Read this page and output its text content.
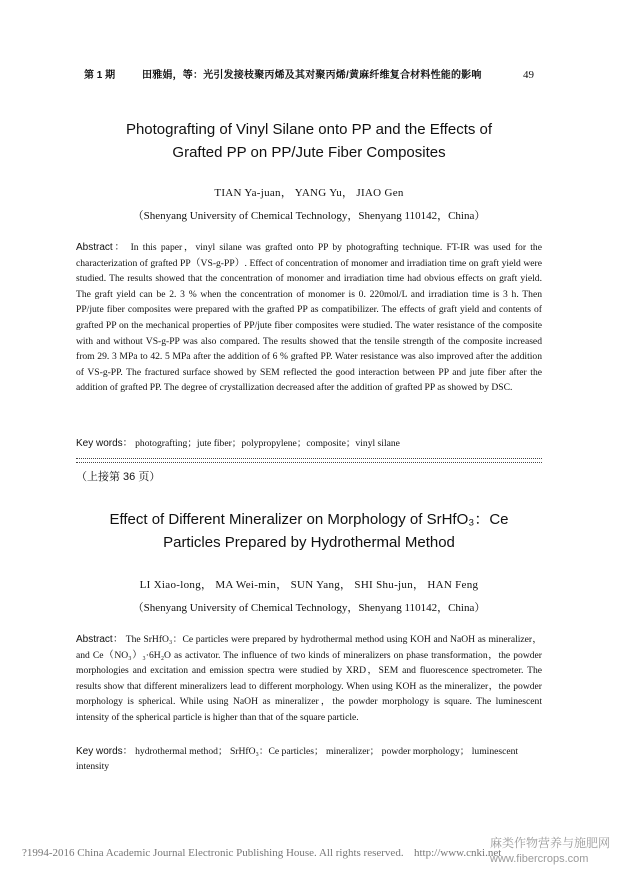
第 1 期	田雅娟，等：光引发接枝聚丙烯及其对聚丙烯/黄麻纤维复合材料性能的影响	49
Photografting of Vinyl Silane onto PP and the Effects of
Grafted PP on PP/Jute Fiber Composites
TIAN Ya-juan， YANG Yu， JIAO Gen
（Shenyang University of Chemical Technology，Shenyang 110142，China）
Abstract： In this paper，vinyl silane was grafted onto PP by photografting technique. FT-IR was used for the characterization of grafted PP（VS-g-PP）. Effect of concentration of monomer and irradiation time on graft yield were studied. The results showed that the concentration of monomer and irradiation time had obvious effects on graft yield. The graft yield can be 2. 3 % when the concentration of monomer is 0. 220mol/L and irradiation time is 3 h. Then PP/jute fiber composites were prepared with the grafted PP as compatibilizer. The effects of graft yield and contents of grafted PP on the mechanical properties of PP/jute fiber composites were studied. The water resistance of the composite with and without VS-g-PP was also compared. The results showed that the tensile strength of the composite increased from 29. 3 MPa to 42. 5 MPa after the addition of 6 % grafted PP. Water resistance was also improved after the addition of VS-g-PP. The fractured surface showed by SEM reflected the good interaction between PP and jute fiber after the addition of grafted PP. The degree of crystallization decreased after the addition of grafted PP as showed by DSC.
Key words： photografting；jute fiber；polypropylene；composite；vinyl silane
（上接第 36 页）
Effect of Different Mineralizer on Morphology of SrHfO₃：Ce
Particles Prepared by Hydrothermal Method
LI Xiao-long， MA Wei-min， SUN Yang， SHI Shu-jun， HAN Feng
（Shenyang University of Chemical Technology，Shenyang 110142，China）
Abstract： The SrHfO₃：Ce particles were prepared by hydrothermal method using KOH and NaOH as mineralizer，and Ce（NO₃）₃·6H₂O as activator. The influence of two kinds of mineralizers on phase transformation，the powder morphologies and excitation and emission spectra were studied by XRD，SEM and fluorescence spectrometer. The results show that different mineralizers lead to different morphology. When using KOH as the mineralizer，the powder morphology is spherical. While using NaOH as mineralizer，the powder morphology is square. The luminescent intensity of the spherical particle is higher than that of the square particle.
Key words： hydrothermal method； SrHfO₃：Ce particles； mineralizer； powder morphology； luminescent intensity
?1994-2016 China Academic Journal Electronic Publishing House. All rights reserved. http://www.cnki.net
麻类作物营养与施肥网
www.fibercrops.com
